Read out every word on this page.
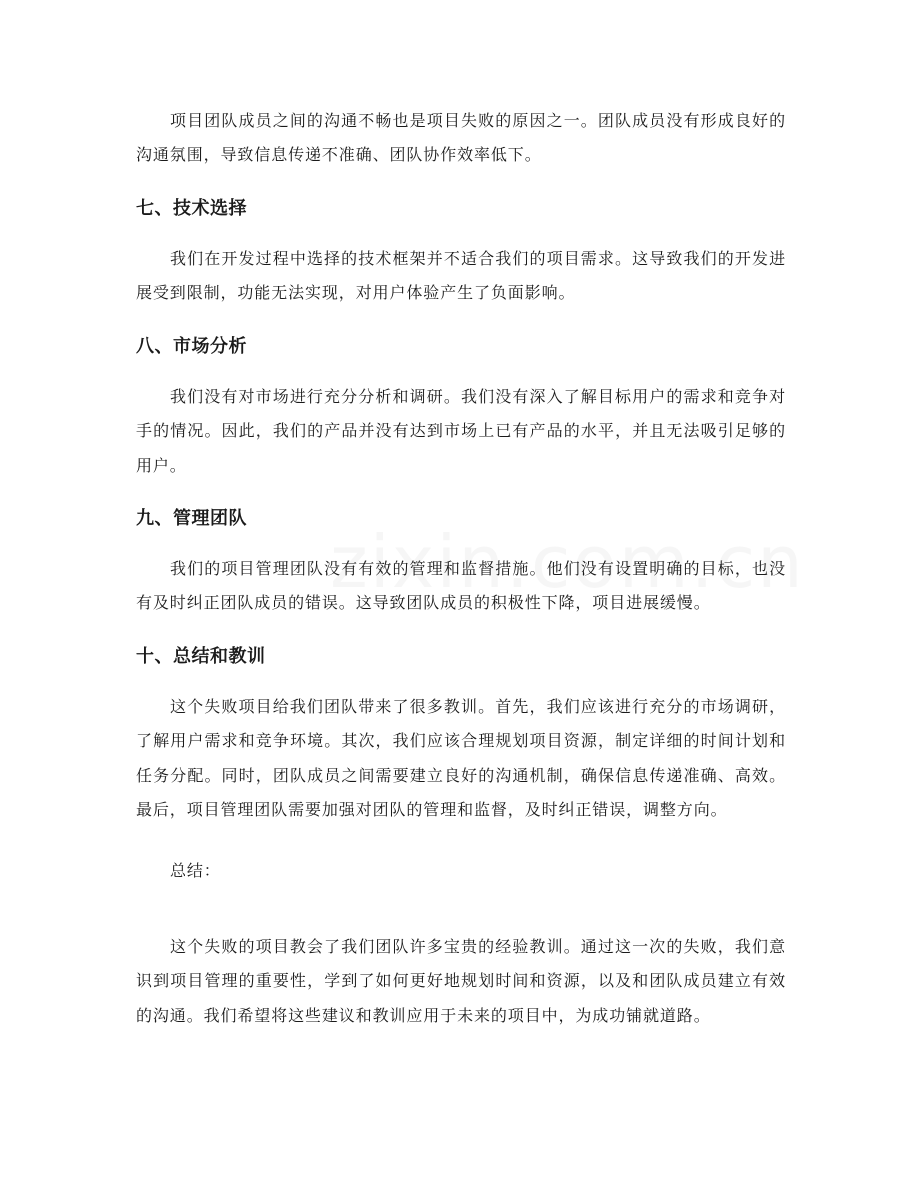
项目团队成员之间的沟通不畅也是项目失败的原因之一。团队成员没有形成良好的沟通氛围，导致信息传递不准确、团队协作效率低下。

七、技术选择

我们在开发过程中选择的技术框架并不适合我们的项目需求。这导致我们的开发进展受到限制，功能无法实现，对用户体验产生了负面影响。

八、市场分析

我们没有对市场进行充分分析和调研。我们没有深入了解目标用户的需求和竞争对手的情况。因此，我们的产品并没有达到市场上已有产品的水平，并且无法吸引足够的用户。

九、管理团队

我们的项目管理团队没有有效的管理和监督措施。他们没有设置明确的目标，也没有及时纠正团队成员的错误。这导致团队成员的积极性下降，项目进展缓慢。

十、总结和教训

这个失败项目给我们团队带来了很多教训。首先，我们应该进行充分的市场调研，了解用户需求和竞争环境。其次，我们应该合理规划项目资源，制定详细的时间计划和任务分配。同时，团队成员之间需要建立良好的沟通机制，确保信息传递准确、高效。最后，项目管理团队需要加强对团队的管理和监督，及时纠正错误，调整方向。

总结：

这个失败的项目教会了我们团队许多宝贵的经验教训。通过这一次的失败，我们意识到项目管理的重要性，学到了如何更好地规划时间和资源，以及和团队成员建立有效的沟通。我们希望将这些建议和教训应用于未来的项目中，为成功铺就道路。
